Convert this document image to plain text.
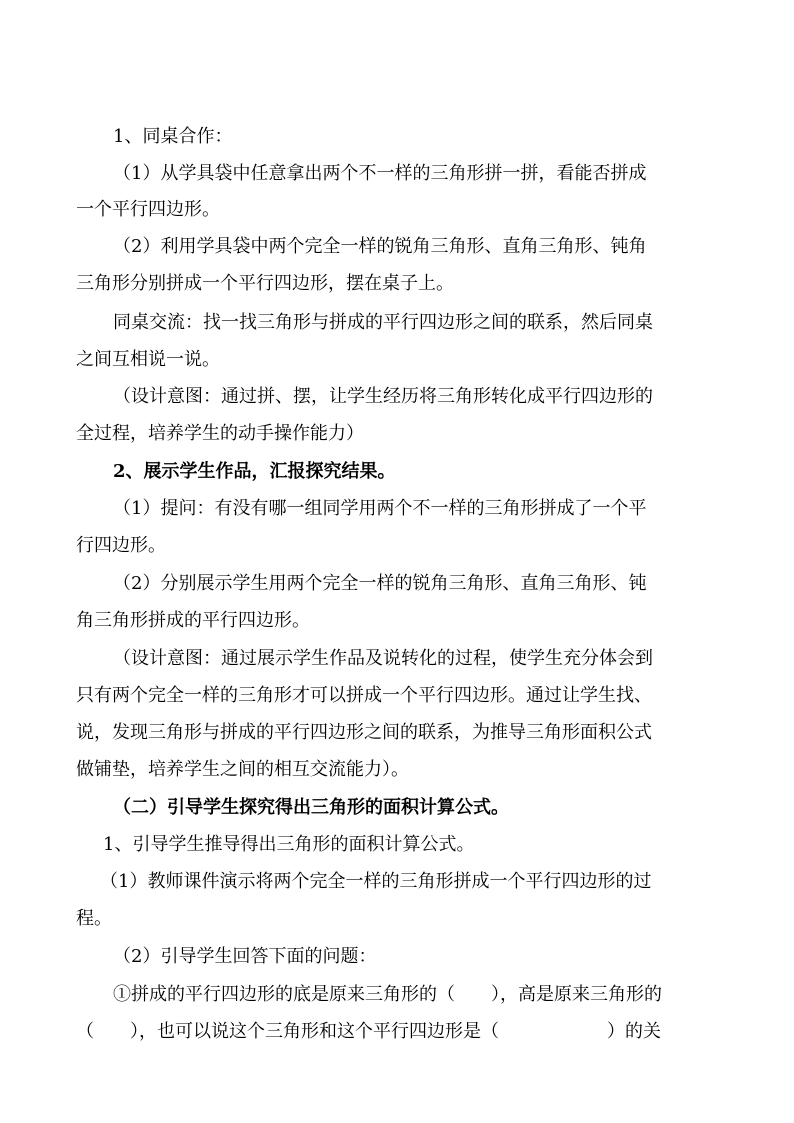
1、同桌合作：
（1）从学具袋中任意拿出两个不一样的三角形拼一拼，看能否拼成
一个平行四边形。
（2）利用学具袋中两个完全一样的锐角三角形、直角三角形、钝角
三角形分别拼成一个平行四边形，摆在桌子上。
同桌交流：找一找三角形与拼成的平行四边形之间的联系，然后同桌
之间互相说一说。
（设计意图：通过拼、摆，让学生经历将三角形转化成平行四边形的
全过程，培养学生的动手操作能力）
2、展示学生作品，汇报探究结果。
（1）提问：有没有哪一组同学用两个不一样的三角形拼成了一个平
行四边形。
（2）分别展示学生用两个完全一样的锐角三角形、直角三角形、钝
角三角形拼成的平行四边形。
（设计意图：通过展示学生作品及说转化的过程，使学生充分体会到
只有两个完全一样的三角形才可以拼成一个平行四边形。通过让学生找、
说，发现三角形与拼成的平行四边形之间的联系，为推导三角形面积公式
做铺垫，培养学生之间的相互交流能力）。
（二）引导学生探究得出三角形的面积计算公式。
1、引导学生推导得出三角形的面积计算公式。
（1）教师课件演示将两个完全一样的三角形拼成一个平行四边形的过
程。
（2）引导学生回答下面的问题：
①拼成的平行四边形的底是原来三角形的（　　），高是原来三角形的
（　　），也可以说这个三角形和这个平行四边形是（　　　　　　）的关
